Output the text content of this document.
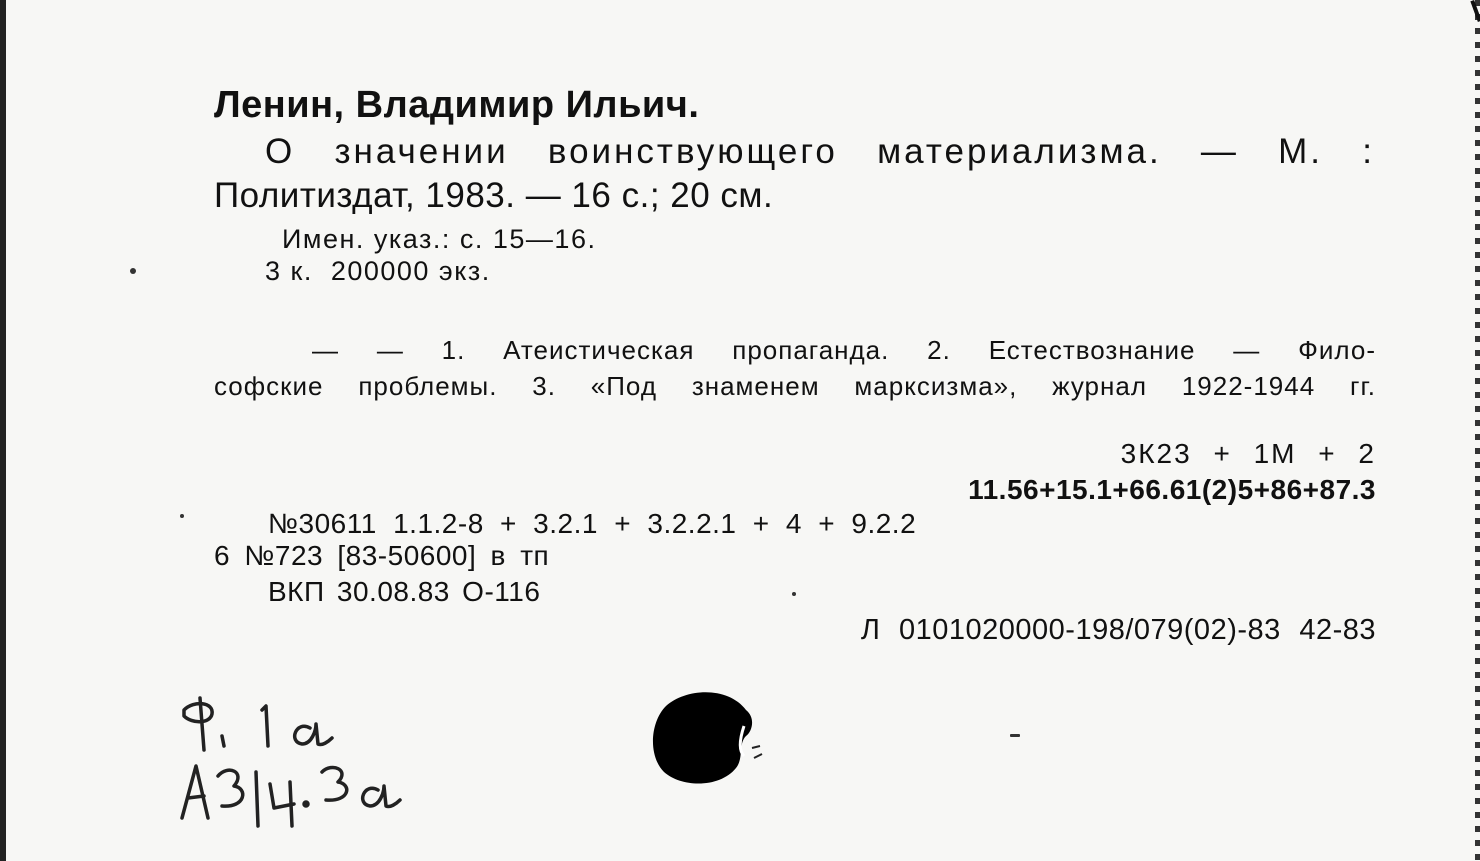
Ленин, Владимир Ильич.
О значении воинствующего материализма. — М. :
Политиздат, 1983. — 16 с.; 20 см.
Имен. указ.: с. 15—16.
3 к.  200000 экз.
— — 1. Атеистическая пропаганда. 2. Естествознание — Фило-
софские проблемы. 3. «Под знаменем марксизма», журнал 1922-1944 гг.
3К23 + 1М + 2
11.56+15.1+66.61(2)5+86+87.3
№30611 1.1.2-8 + 3.2.1 + 3.2.2.1 + 4 + 9.2.2
6 №723 [83-50600] в тп
ВКП 30.08.83 О-116
Л 0101020000-198/079(02)-83 42-83
